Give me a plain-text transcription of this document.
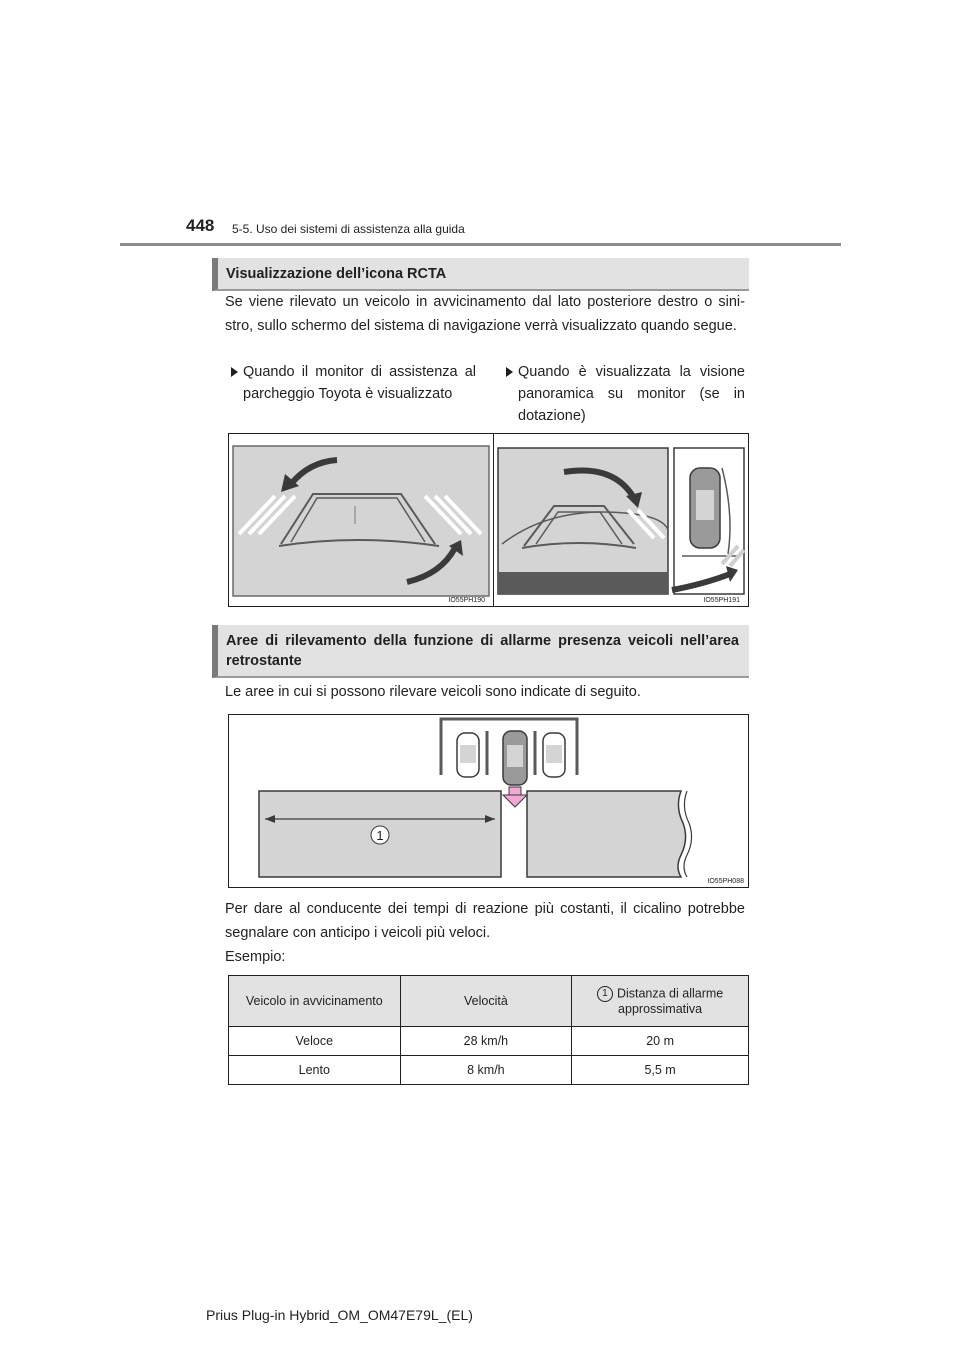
448 5-5. Uso dei sistemi di assistenza alla guida
Visualizzazione dell’icona RCTA
Se viene rilevato un veicolo in avvicinamento dal lato posteriore destro o sini-stro, sullo schermo del sistema di navigazione verrà visualizzato quando segue.
Quando il monitor di assistenza al parcheggio Toyota è visualizzato
Quando è visualizzata la visione panoramica su monitor (se in dotazione)
IO55PH190	IO55PH191
Aree di rilevamento della funzione di allarme presenza veicoli nell’area retrostante
Le aree in cui si possono rilevare veicoli sono indicate di seguito.
1
IO55PH088
Per dare al conducente dei tempi di reazione più costanti, il cicalino potrebbe segnalare con anticipo i veicoli più veloci.
Esempio:
Veicolo in avvicinamento	Velocità	1 Distanza di allarme approssimativa
Veloce	28 km/h	20 m
Lento	8 km/h	5,5 m
Prius Plug-in Hybrid_OM_OM47E79L_(EL)
